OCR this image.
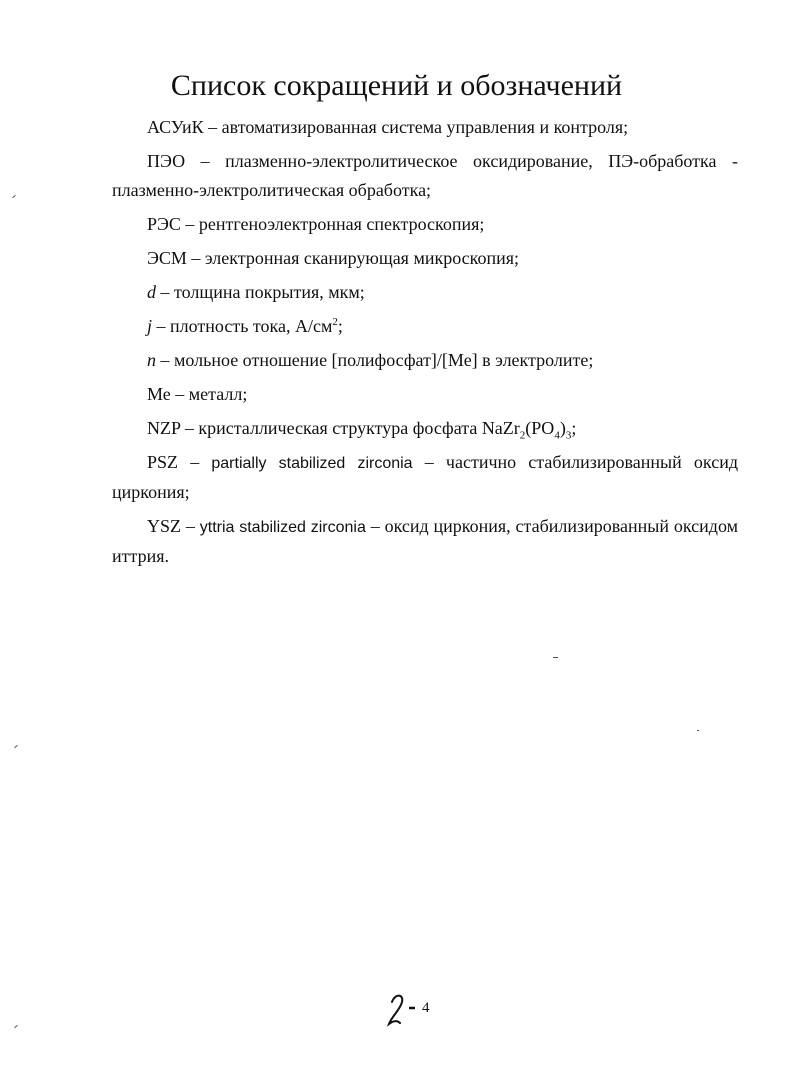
Список сокращений и обозначений

АСУиК – автоматизированная система управления и контроля;

ПЭО – плазменно-электролитическое оксидирование, ПЭ-обработка - плазменно-электролитическая обработка;

РЭС – рентгеноэлектронная спектроскопия;

ЭСМ – электронная сканирующая микроскопия;

d – толщина покрытия, мкм;

j – плотность тока, $А/см^2$;

n – мольное отношение [полифосфат]/[Ме] в электролите;

Ме – металл;

NZP – кристаллическая структура фосфата $NaZr_2(PO_4)_3$;

PSZ – partially stabilized zirconia – частично стабилизированный оксид циркония;

YSZ – yttria stabilized zirconia – оксид циркония, стабилизированный оксидом иттрия.

4
